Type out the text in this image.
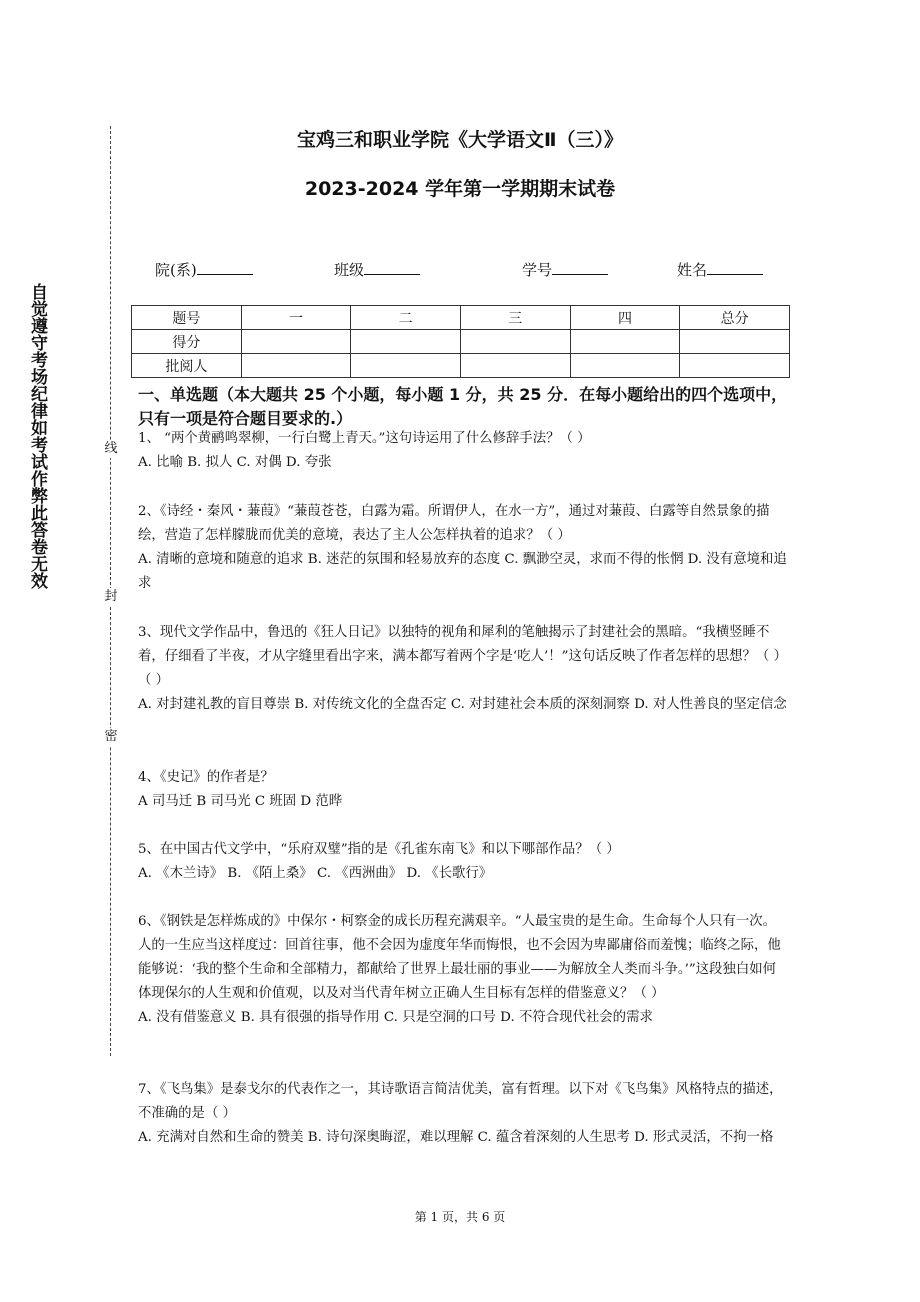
自觉遵守考场纪律如考试作弊此答卷无效	线
封
密
宝鸡三和职业学院《大学语文Ⅱ（三）》
2023-2024 学年第一学期期末试卷
院(系)	班级	学号	姓名
题号	一	二	三	四	总分
得分					
批阅人					
一、单选题（本大题共 25 个小题，每小题 1 分，共 25 分．在每小题给出的四个选项中，只有一项是符合题目要求的.）

1、 “两个黄鹂鸣翠柳，一行白鹭上青天。”这句诗运用了什么修辞手法？（ ）

A. 比喻 B. 拟人 C. 对偶 D. 夸张

2、《诗经・秦风・蒹葭》“蒹葭苍苍，白露为霜。所谓伊人，在水一方”，通过对蒹葭、白露等自然景象的描绘，营造了怎样朦胧而优美的意境，表达了主人公怎样执着的追求？（ ）

A. 清晰的意境和随意的追求 B. 迷茫的氛围和轻易放弃的态度 C. 飘渺空灵，求而不得的怅惘 D. 没有意境和追求

3、现代文学作品中，鲁迅的《狂人日记》以独特的视角和犀利的笔触揭示了封建社会的黑暗。“我横竖睡不着，仔细看了半夜，才从字缝里看出字来，满本都写着两个字是‘吃人’！”这句话反映了作者怎样的思想？（ ） （ ）

A. 对封建礼教的盲目尊崇 B. 对传统文化的全盘否定 C. 对封建社会本质的深刻洞察 D. 对人性善良的坚定信念

4、《史记》的作者是？

A 司马迁 B 司马光 C 班固 D 范晔

5、在中国古代文学中，“乐府双璧”指的是《孔雀东南飞》和以下哪部作品？（ ）

A. 《木兰诗》 B. 《陌上桑》 C. 《西洲曲》 D. 《长歌行》

6、《钢铁是怎样炼成的》中保尔・柯察金的成长历程充满艰辛。“人最宝贵的是生命。生命每个人只有一次。人的一生应当这样度过：回首往事，他不会因为虚度年华而悔恨，也不会因为卑鄙庸俗而羞愧；临终之际，他能够说：‘我的整个生命和全部精力，都献给了世界上最壮丽的事业——为解放全人类而斗争。’”这段独白如何体现保尔的人生观和价值观，以及对当代青年树立正确人生目标有怎样的借鉴意义？（ ）

A. 没有借鉴意义 B. 具有很强的指导作用 C. 只是空洞的口号 D. 不符合现代社会的需求

7、《飞鸟集》是泰戈尔的代表作之一，其诗歌语言简洁优美，富有哲理。以下对《飞鸟集》风格特点的描述，不准确的是（ ）

A. 充满对自然和生命的赞美 B. 诗句深奥晦涩，难以理解 C. 蕴含着深刻的人生思考 D. 形式灵活，不拘一格

第 1 页，共 6 页
